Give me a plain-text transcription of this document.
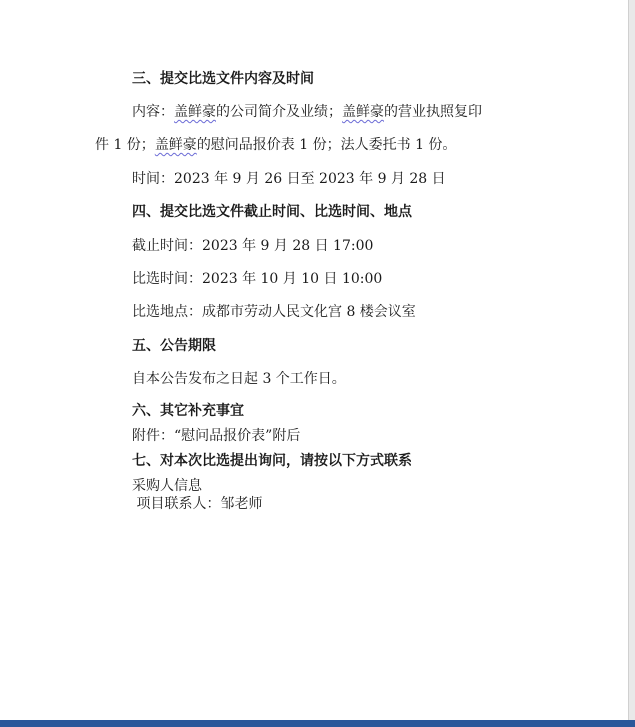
三、提交比选文件内容及时间
内容：盖鲜豪的公司简介及业绩；盖鲜豪的营业执照复印
件 1 份；盖鲜豪的慰问品报价表 1 份；法人委托书 1 份。
时间：2023 年 9 月 26 日至 2023 年 9 月 28 日
四、提交比选文件截止时间、比选时间、地点
截止时间：2023 年 9 月 28 日 17:00
比选时间：2023 年 10 月 10 日 10:00
比选地点：成都市劳动人民文化宫 8 楼会议室
五、公告期限
自本公告发布之日起 3 个工作日。
六、其它补充事宜
附件：“慰问品报价表”附后
七、对本次比选提出询问，请按以下方式联系
采购人信息
项目联系人：邹老师
